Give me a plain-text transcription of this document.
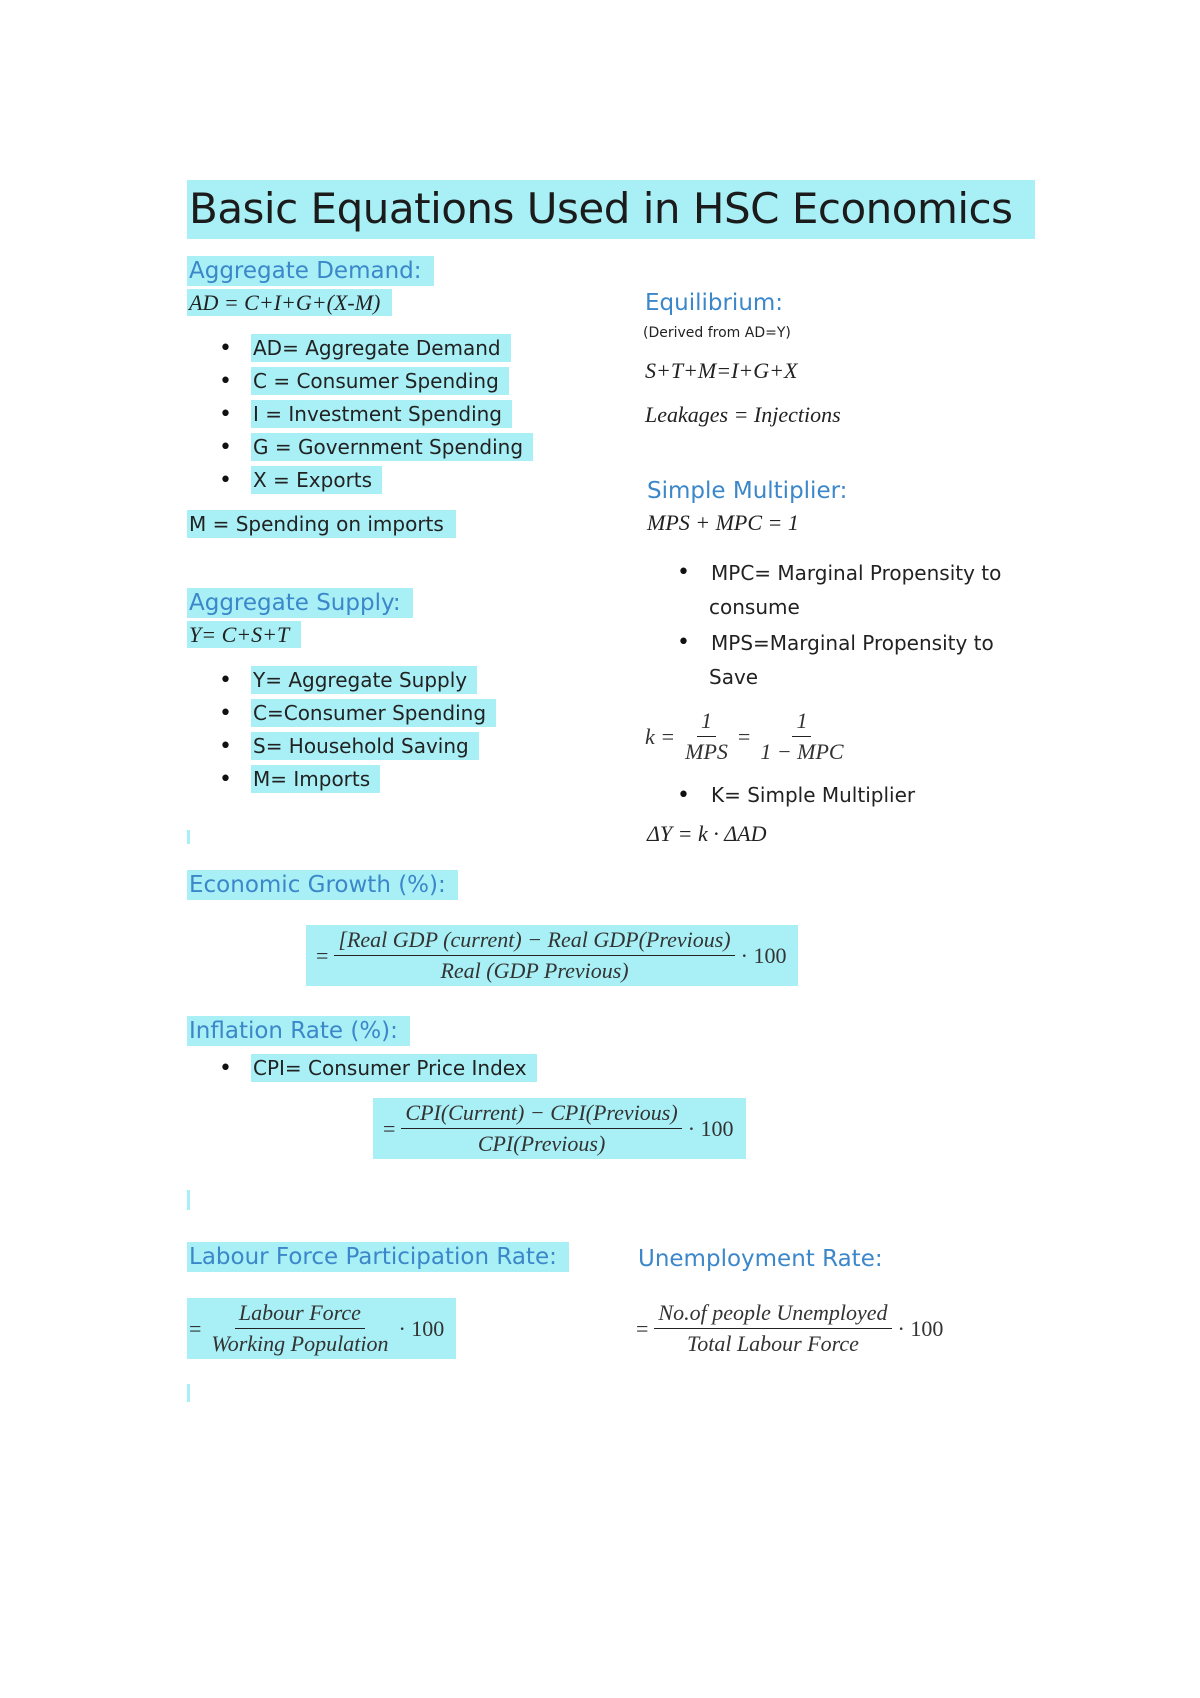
Basic Equations Used in HSC Economics
Aggregate Demand:
AD = C+I+G+(X-M)
• AD= Aggregate Demand
• C = Consumer Spending
• I = Investment Spending
• G = Government Spending
• X = Exports
M = Spending on imports
Aggregate Supply:
Y= C+S+T
• Y= Aggregate Supply
• C=Consumer Spending
• S= Household Saving
• M= Imports
Equilibrium:
(Derived from AD=Y)
S+T+M=I+G+X
Leakages = Injections
Simple Multiplier:
MPS + MPC = 1
• MPC= Marginal Propensity to consume
• MPS=Marginal Propensity to Save
$k = \frac{1}{\text{MPS}} = \frac{1}{\text{1 − MPC}}$
• K= Simple Multiplier
ΔY = k · ΔAD
Economic Growth (%):
= $\frac{\text{[Real GDP (current) − Real GDP(Previous)}}{\text{Real (GDP Previous)}} \cdot 100$
Inflation Rate (%):
• CPI= Consumer Price Index
= $\frac{\text{CPI(Current) − CPI(Previous)}}{\text{CPI(Previous)}} \cdot 100$
Labour Force Participation Rate:
= $\frac{\text{Labour Force}}{\text{Working Population}} \cdot 100$
Unemployment Rate:
= $\frac{\text{No.of people Unemployed}}{\text{Total Labour Force}} \cdot 100$
